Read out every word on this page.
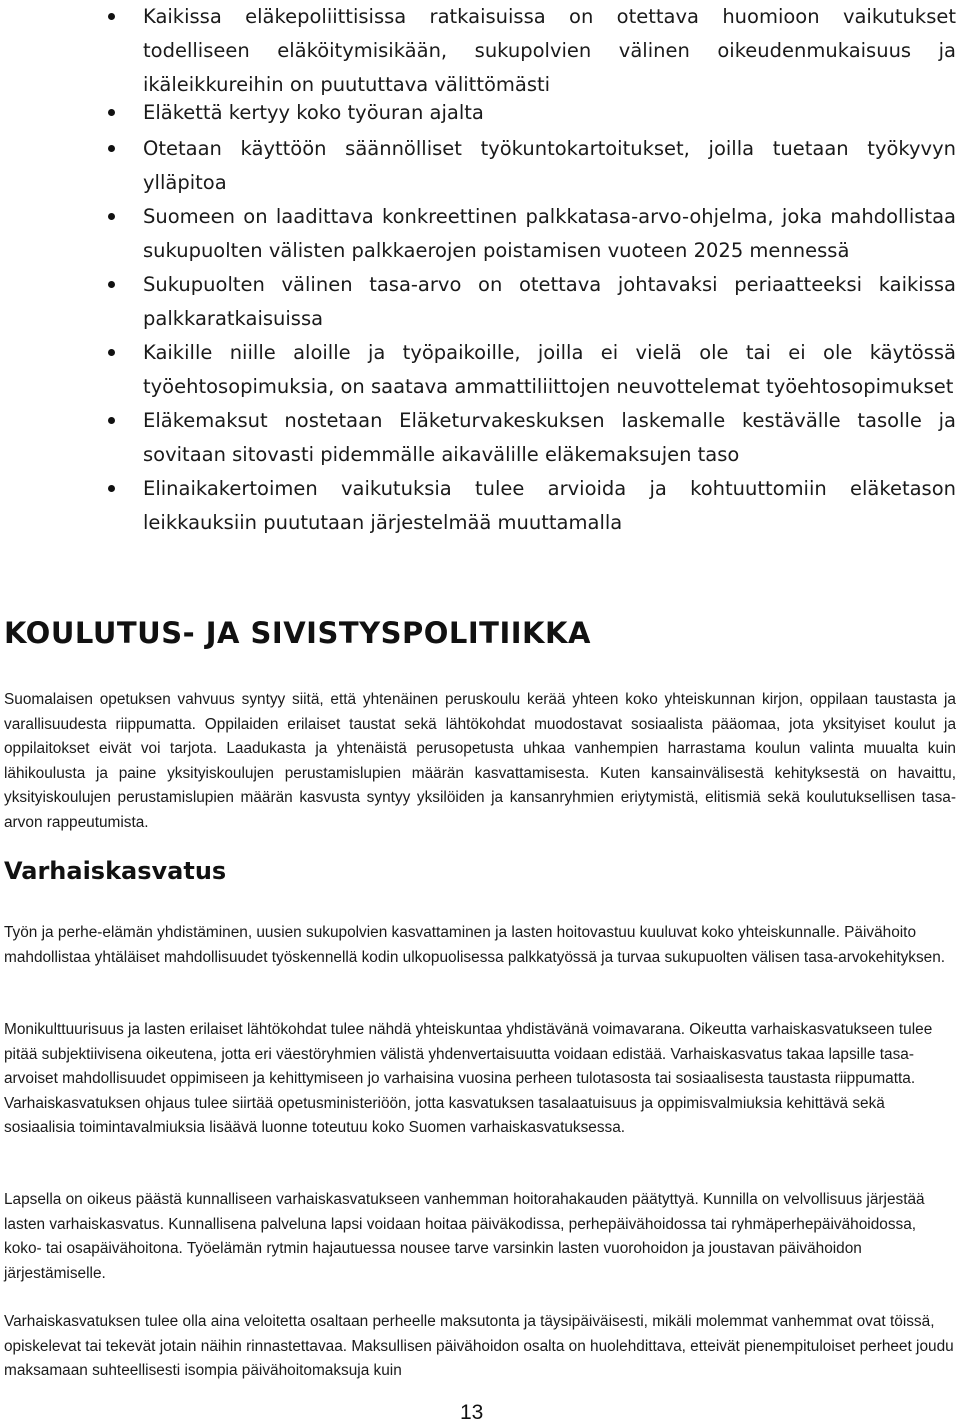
Kaikissa eläkepoliittisissa ratkaisuissa on otettava huomioon vaikutukset todelliseen eläköitymisikään, sukupolvien välinen oikeudenmukaisuus ja ikäleikkureihin on puututtava välittömästi
Eläkettä kertyy koko työuran ajalta
Otetaan käyttöön säännölliset työkuntokartoitukset, joilla tuetaan työkyvyn ylläpitoa
Suomeen on laadittava konkreettinen palkkatasa-arvo-ohjelma, joka mahdollistaa sukupuolten välisten palkkaerojen poistamisen vuoteen 2025 mennessä
Sukupuolten välinen tasa-arvo on otettava johtavaksi periaatteeksi kaikissa palkkaratkaisuissa
Kaikille niille aloille ja työpaikoille, joilla ei vielä ole tai ei ole käytössä työehtosopimuksia, on saatava ammattiliittojen neuvottelemat työehtosopimukset
Eläkemaksut nostetaan Eläketurvakeskuksen laskemalle kestävälle tasolle ja sovitaan sitovasti pidemmälle aikavälille eläkemaksujen taso
Elinaikakertoimen vaikutuksia tulee arvioida ja kohtuuttomiin eläketason leikkauksiin puututaan järjestelmää muuttamalla
KOULUTUS- JA SIVISTYSPOLITIIKKA

Suomalaisen opetuksen vahvuus syntyy siitä, että yhtenäinen peruskoulu kerää yhteen koko yhteiskunnan kirjon, oppilaan taustasta ja varallisuudesta riippumatta. Oppilaiden erilaiset taustat sekä lähtökohdat muodostavat sosiaalista pääomaa, jota yksityiset koulut ja oppilaitokset eivät voi tarjota. Laadukasta ja yhtenäistä perusopetusta uhkaa vanhempien harrastama koulun valinta muualta kuin lähikoulusta ja paine yksityiskoulujen perustamislupien määrän kasvattamisesta. Kuten kansainvälisestä kehityksestä on havaittu, yksityiskoulujen perustamislupien määrän kasvusta syntyy yksilöiden ja kansanryhmien eriytymistä, elitismiä sekä koulutuksellisen tasa-arvon rappeutumista.

Varhaiskasvatus

Työn ja perhe-elämän yhdistäminen, uusien sukupolvien kasvattaminen ja lasten hoitovastuu kuuluvat koko yhteiskunnalle. Päivähoito mahdollistaa yhtäläiset mahdollisuudet työskennellä kodin ulkopuolisessa palkkatyössä ja turvaa sukupuolten välisen tasa-arvokehityksen.

Monikulttuurisuus ja lasten erilaiset lähtökohdat tulee nähdä yhteiskuntaa yhdistävänä voimavarana. Oikeutta varhaiskasvatukseen tulee pitää subjektiivisena oikeutena, jotta eri väestöryhmien välistä yhdenvertaisuutta voidaan edistää. Varhaiskasvatus takaa lapsille tasa-arvoiset mahdollisuudet oppimiseen ja kehittymiseen jo varhaisina vuosina perheen tulotasosta tai sosiaalisesta taustasta riippumatta. Varhaiskasvatuksen ohjaus tulee siirtää opetusministeriöön, jotta kasvatuksen tasalaatuisuus ja oppimisvalmiuksia kehittävä sekä sosiaalisia toimintavalmiuksia lisäävä luonne toteutuu koko Suomen varhaiskasvatuksessa.

Lapsella on oikeus päästä kunnalliseen varhaiskasvatukseen vanhemman hoitorahakauden päätyttyä. Kunnilla on velvollisuus järjestää lasten varhaiskasvatus. Kunnallisena palveluna lapsi voidaan hoitaa päiväkodissa, perhepäivähoidossa tai ryhmäperhepäivähoidossa, koko- tai osapäivähoitona. Työelämän rytmin hajautuessa nousee tarve varsinkin lasten vuorohoidon ja joustavan päivähoidon järjestämiselle.

Varhaiskasvatuksen tulee olla aina veloitetta osaltaan perheelle maksutonta ja täysipäiväisesti, mikäli molemmat vanhemmat ovat töissä, opiskelevat tai tekevät jotain näihin rinnastettavaa. Maksullisen päivähoidon osalta on huolehdittava, etteivät pienempituloiset perheet joudu maksamaan suhteellisesti isompia päivähoitomaksuja kuin

13
